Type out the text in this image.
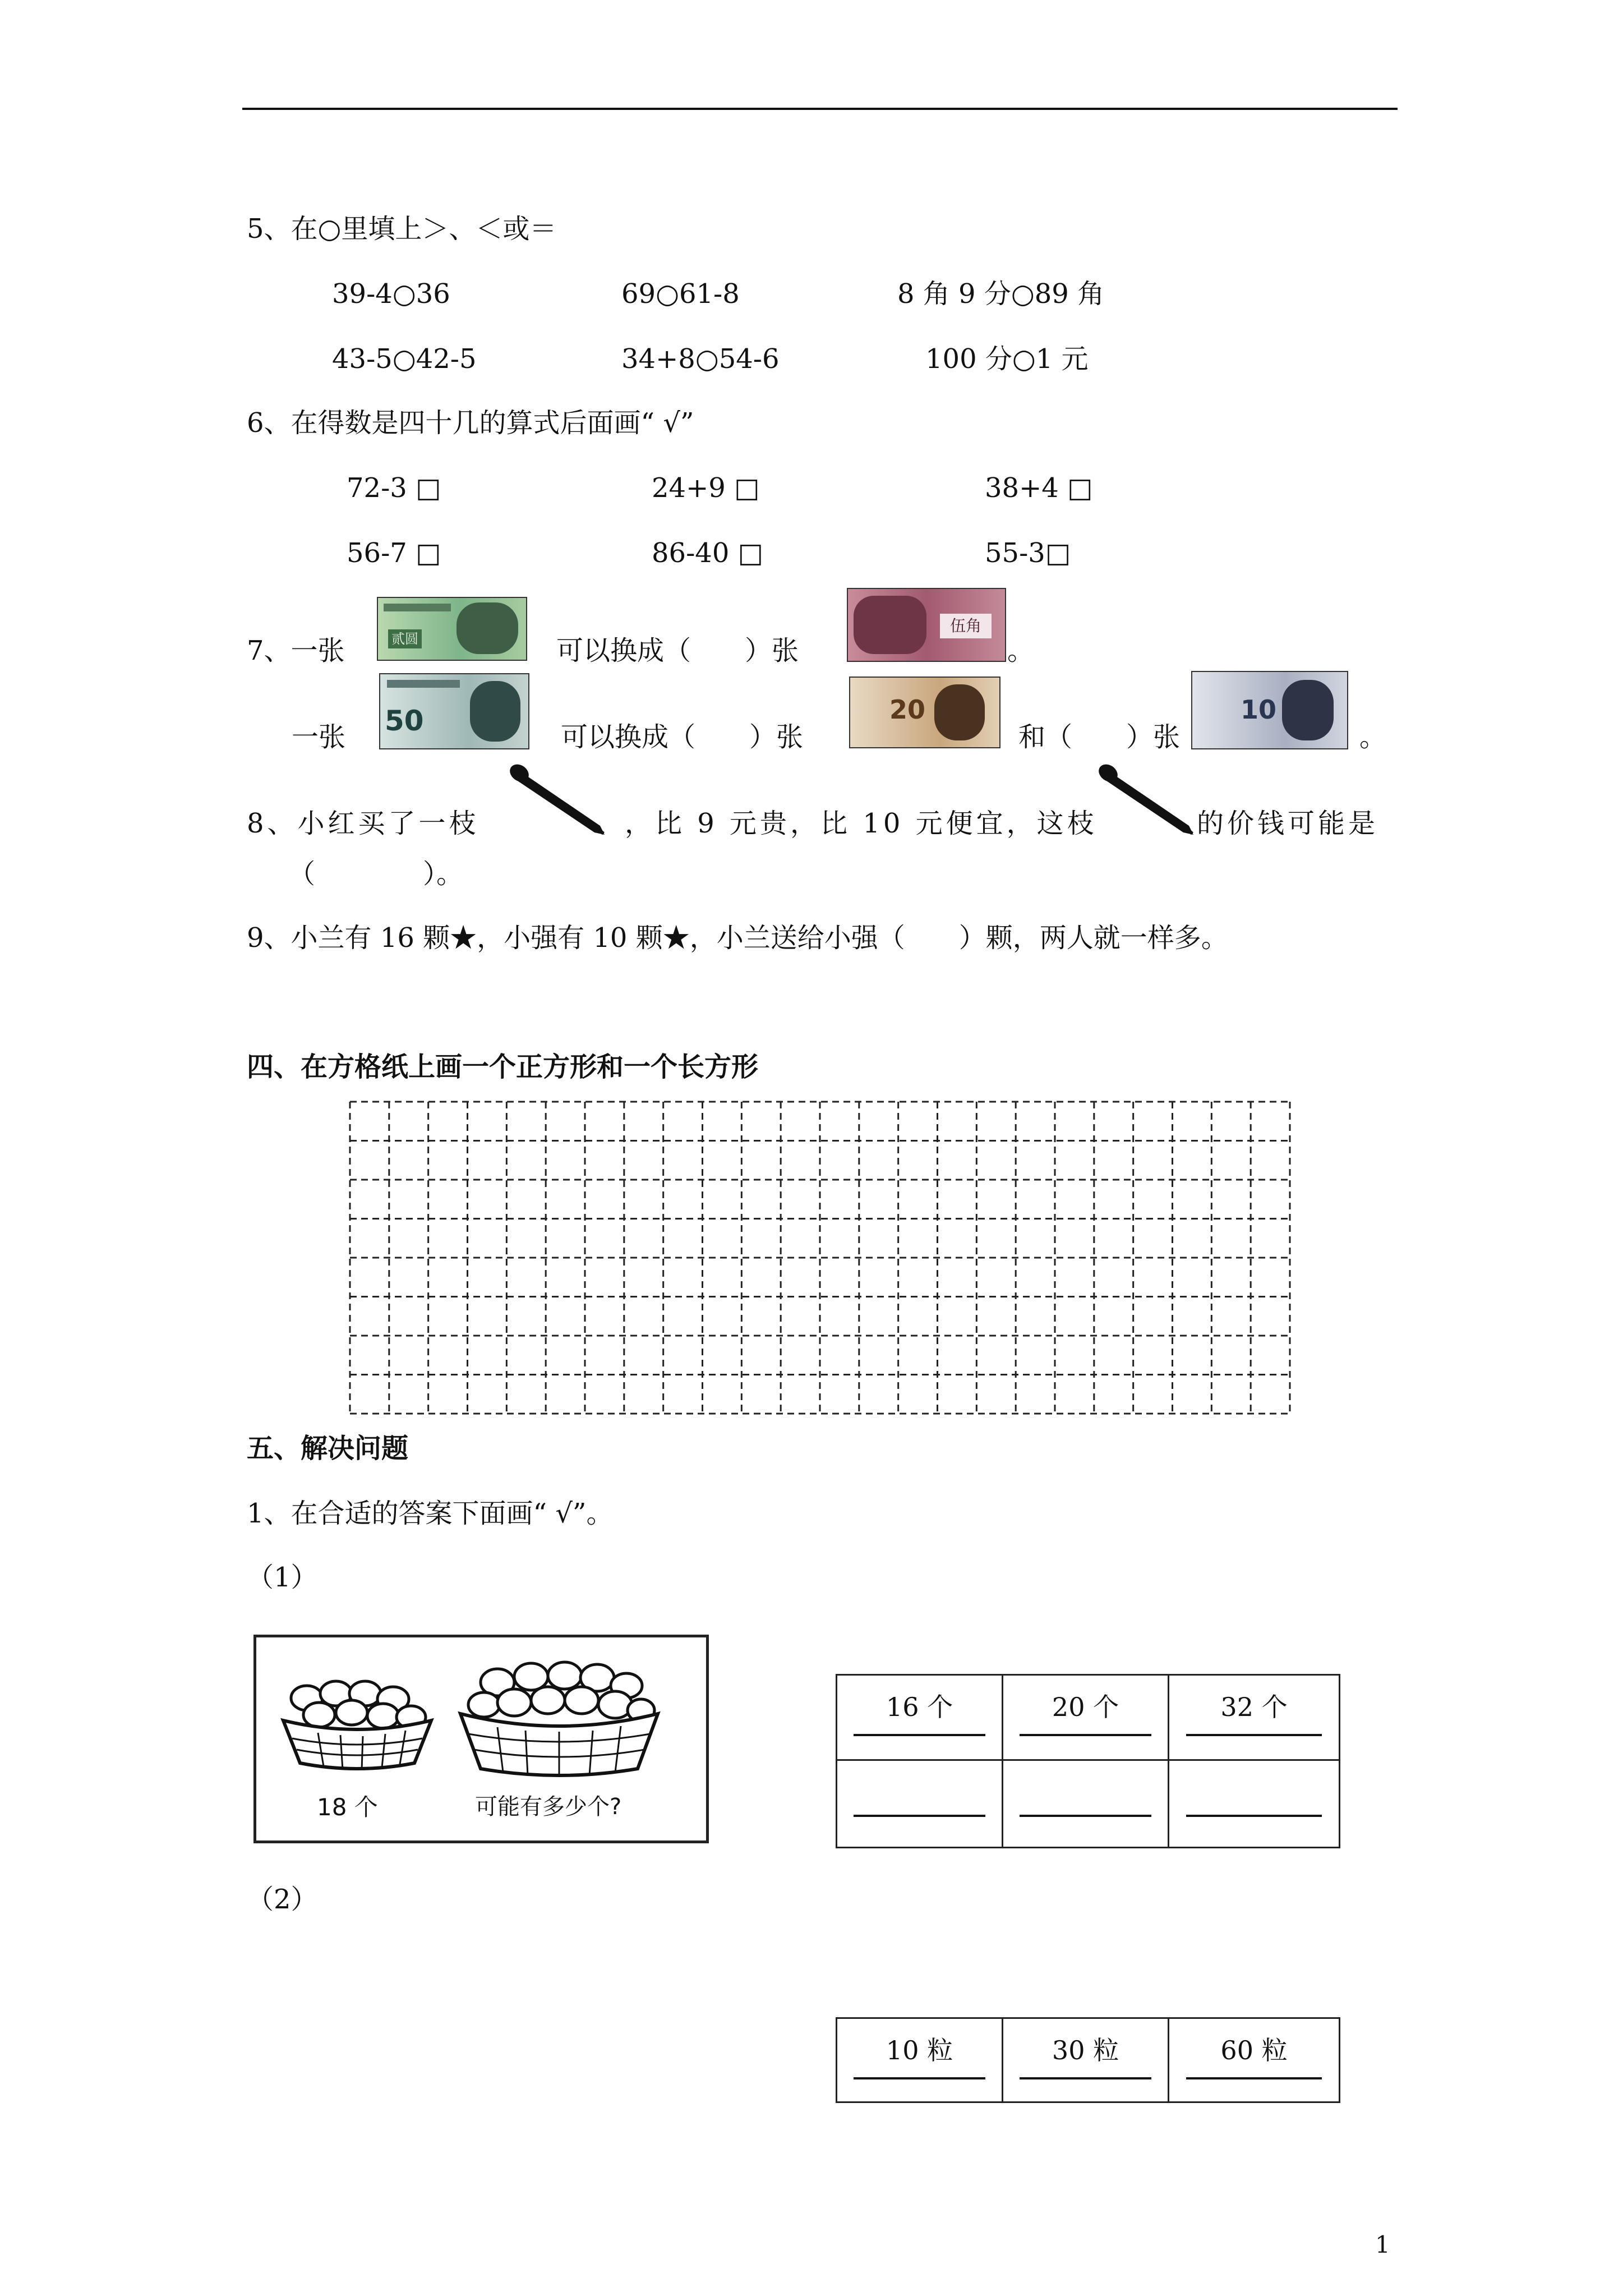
5、在○里填上＞、＜或＝
39-4○36	69○61-8	8 角 9 分○89 角
43-5○42-5	34+8○54-6	100 分○1 元
6、在得数是四十几的算式后面画“ √”
72-3 □	24+9 □	38+4 □
56-7 □	86-40 □	55-3□
7、一张	贰圆	可以换成（　　）张
伍角
。
一张 50	可以换成（　　）张
20
和（　　）张
10
。
8、小红买了一枝	，比 9 元贵，比 10 元便宜，这枝	的价钱可能是
（　　　　）。
9、小兰有 16 颗★，小强有 10 颗★，小兰送给小强（　　）颗，两人就一样多。
四、在方格纸上画一个正方形和一个长方形
五、解决问题
1、在合适的答案下面画“ √”。
（1）
18 个	可能有多少个?
16 个	20 个	32 个

（2）
10 粒	30 粒	60 粒
1
